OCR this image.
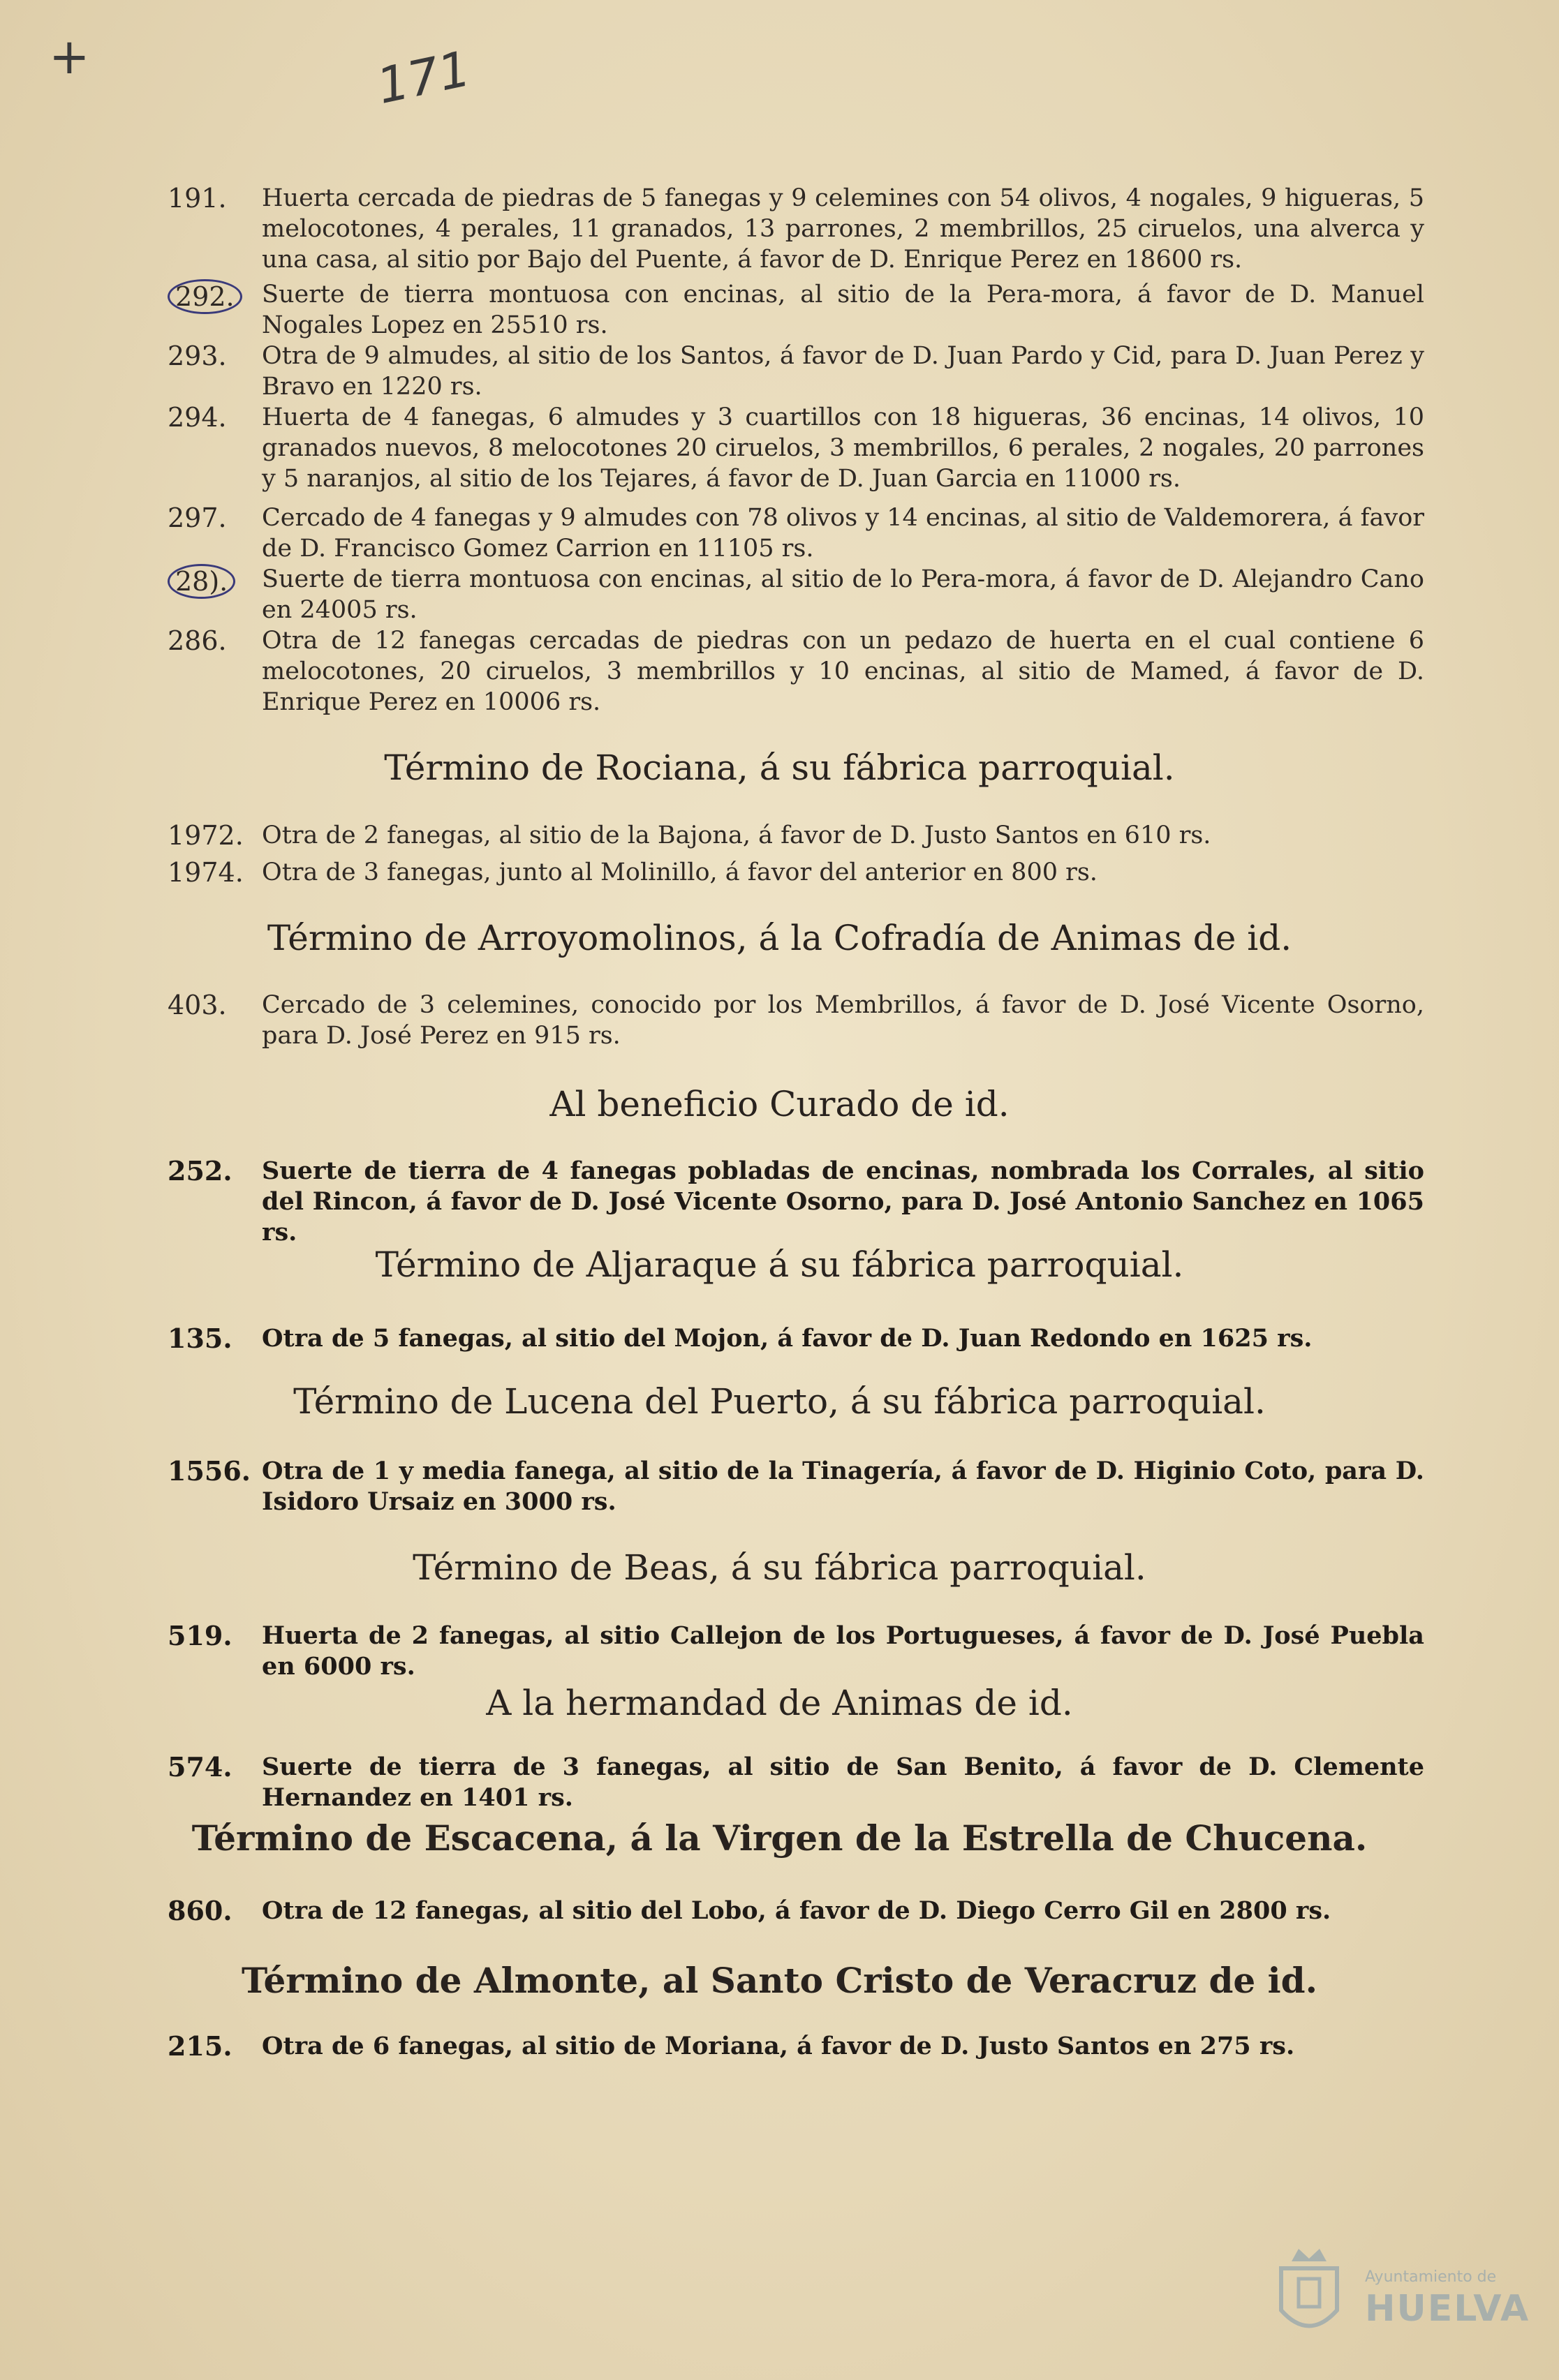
+	171
191.	Huerta cercada de piedras de 5 fanegas y 9 celemines con 54 olivos, 4 nogales, 9 higueras, 5 melocotones, 4 perales, 11 granados, 13 parrones, 2 membrillos, 25 ciruelos, una alverca y una casa, al sitio por Bajo del Puente, á favor de D. Enrique Perez en 18600 rs.
292.	Suerte de tierra montuosa con encinas, al sitio de la Pera-mora, á favor de D. Manuel Nogales Lopez en 25510 rs.
293.	Otra de 9 almudes, al sitio de los Santos, á favor de D. Juan Pardo y Cid, para D. Juan Perez y Bravo en 1220 rs.
294.	Huerta de 4 fanegas, 6 almudes y 3 cuartillos con 18 higueras, 36 encinas, 14 olivos, 10 granados nuevos, 8 melocotones 20 ciruelos, 3 membrillos, 6 perales, 2 nogales, 20 parrones y 5 naranjos, al sitio de los Tejares, á favor de D. Juan Garcia en 11000 rs.
297.	Cercado de 4 fanegas y 9 almudes con 78 olivos y 14 encinas, al sitio de Valdemorera, á favor de D. Francisco Gomez Carrion en 11105 rs.
28).	Suerte de tierra montuosa con encinas, al sitio de lo Pera-mora, á favor de D. Alejandro Cano en 24005 rs.
286.	Otra de 12 fanegas cercadas de piedras con un pedazo de huerta en el cual contiene 6 melocotones, 20 ciruelos, 3 membrillos y 10 encinas, al sitio de Mamed, á favor de D. Enrique Perez en 10006 rs.
Término de Rociana, á su fábrica parroquial.
1972. Otra de 2 fanegas, al sitio de la Bajona, á favor de D. Justo Santos en 610 rs.
1974. Otra de 3 fanegas, junto al Molinillo, á favor del anterior en 800 rs.
Término de Arroyomolinos, á la Cofradía de Animas de id.
403.	Cercado de 3 celemines, conocido por los Membrillos, á favor de D. José Vicente Osorno, para D. José Perez en 915 rs.
Al beneficio Curado de id.
252.	Suerte de tierra de 4 fanegas pobladas de encinas, nombrada los Corrales, al sitio del Rincon, á favor de D. José Vicente Osorno, para D. José Antonio Sanchez en 1065 rs.
Término de Aljaraque á su fábrica parroquial.
135.	Otra de 5 fanegas, al sitio del Mojon, á favor de D. Juan Redondo en 1625 rs.
Término de Lucena del Puerto, á su fábrica parroquial.
1556. Otra de 1 y media fanega, al sitio de la Tinagería, á favor de D. Higinio Coto, para D. Isidoro Ursaiz en 3000 rs.
Término de Beas, á su fábrica parroquial.
519.	Huerta de 2 fanegas, al sitio Callejon de los Portugueses, á favor de D. José Puebla en 6000 rs.
A la hermandad de Animas de id.
574.	Suerte de tierra de 3 fanegas, al sitio de San Benito, á favor de D. Clemente Hernandez en 1401 rs.
Término de Escacena, á la Virgen de la Estrella de Chucena.
860.	Otra de 12 fanegas, al sitio del Lobo, á favor de D. Diego Cerro Gil en 2800 rs.
Término de Almonte, al Santo Cristo de Veracruz de id.
215.	Otra de 6 fanegas, al sitio de Moriana, á favor de D. Justo Santos en 275 rs.
Ayuntamiento de
HUELVA
